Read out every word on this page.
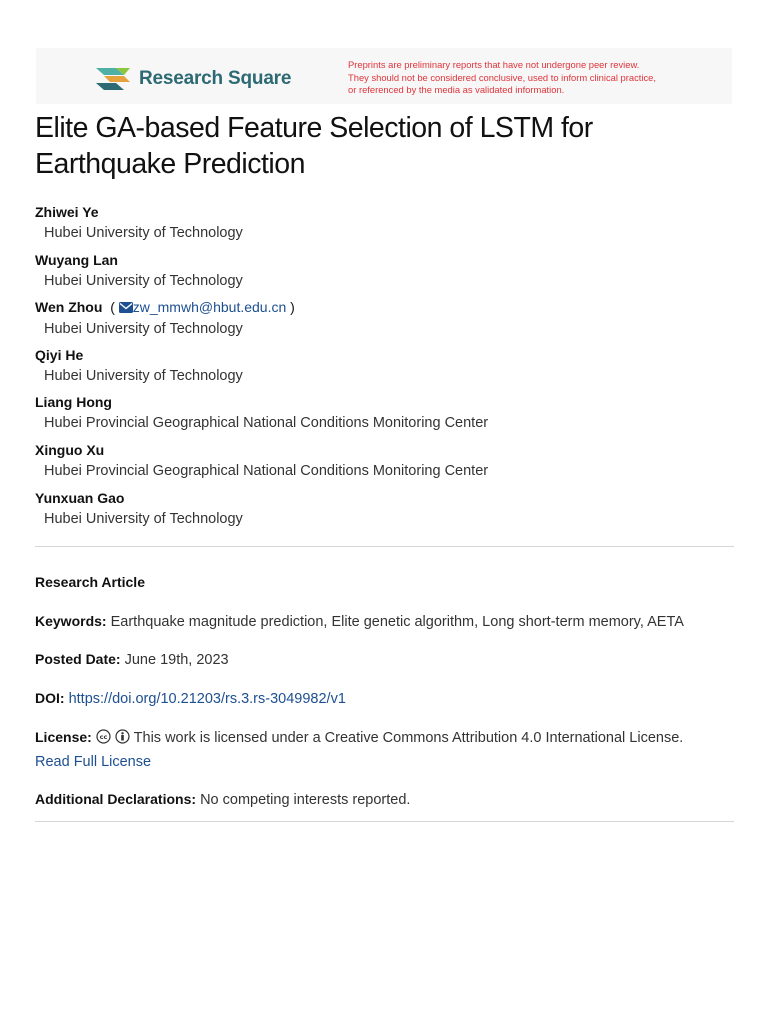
Research Square
Preprints are preliminary reports that have not undergone peer review.
They should not be considered conclusive, used to inform clinical practice,
or referenced by the media as validated information.
Elite GA-based Feature Selection of LSTM for Earthquake Prediction
Zhiwei Ye
Hubei University of Technology
Wuyang Lan
Hubei University of Technology
Wen Zhou ( zw_mmwh@hbut.edu.cn )
Hubei University of Technology
Qiyi He
Hubei University of Technology
Liang Hong
Hubei Provincial Geographical National Conditions Monitoring Center
Xinguo Xu
Hubei Provincial Geographical National Conditions Monitoring Center
Yunxuan Gao
Hubei University of Technology
Research Article
Keywords: Earthquake magnitude prediction, Elite genetic algorithm, Long short-term memory, AETA
Posted Date: June 19th, 2023
DOI: https://doi.org/10.21203/rs.3.rs-3049982/v1
License: cc This work is licensed under a Creative Commons Attribution 4.0 International License.
Read Full License
Additional Declarations: No competing interests reported.
